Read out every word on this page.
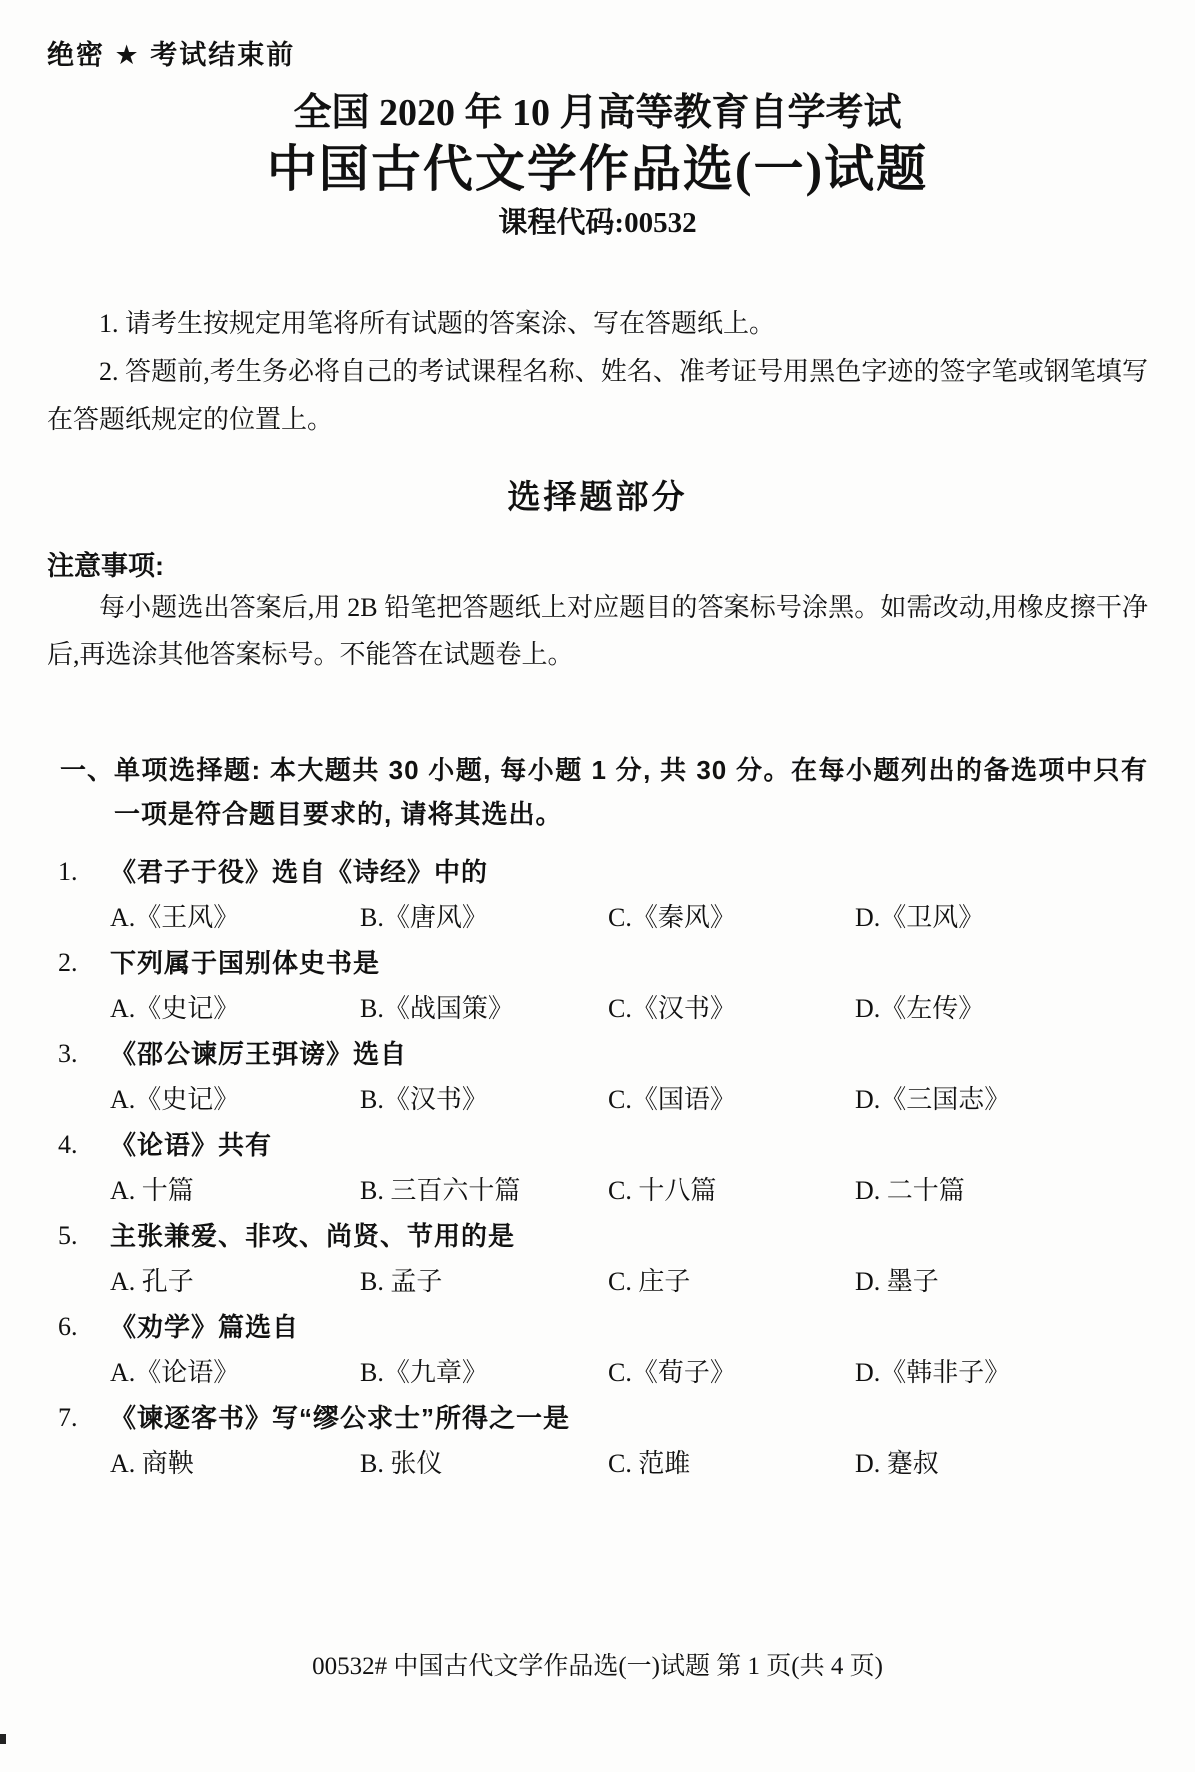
绝密 ★ 考试结束前
全国 2020 年 10 月高等教育自学考试
中国古代文学作品选(一)试题
课程代码:00532

1. 请考生按规定用笔将所有试题的答案涂、写在答题纸上。

2. 答题前,考生务必将自己的考试课程名称、姓名、准考证号用黑色字迹的签字笔或钢笔填写在答题纸规定的位置上。

选择题部分
注意事项:

每小题选出答案后,用 2B 铅笔把答题纸上对应题目的答案标号涂黑。如需改动,用橡皮擦干净后,再选涂其他答案标号。不能答在试题卷上。

一、 单项选择题: 本大题共 30 小题, 每小题 1 分, 共 30 分。在每小题列出的备选项中只有一项是符合题目要求的, 请将其选出。
1.	《君子于役》选自《诗经》中的
A.《王风》	B.《唐风》	C.《秦风》	D.《卫风》
2.	下列属于国别体史书是
A.《史记》	B.《战国策》	C.《汉书》	D.《左传》
3.	《邵公谏厉王弭谤》选自
A.《史记》	B.《汉书》	C.《国语》	D.《三国志》
4.	《论语》共有
A. 十篇	B. 三百六十篇	C. 十八篇	D. 二十篇
5.	主张兼爱、非攻、尚贤、节用的是
A. 孔子	B. 孟子	C. 庄子	D. 墨子
6.	《劝学》篇选自
A.《论语》	B.《九章》	C.《荀子》	D.《韩非子》
7.	《谏逐客书》写“缪公求士”所得之一是
A. 商鞅	B. 张仪	C. 范雎	D. 蹇叔
00532# 中国古代文学作品选(一)试题 第 1 页(共 4 页)
